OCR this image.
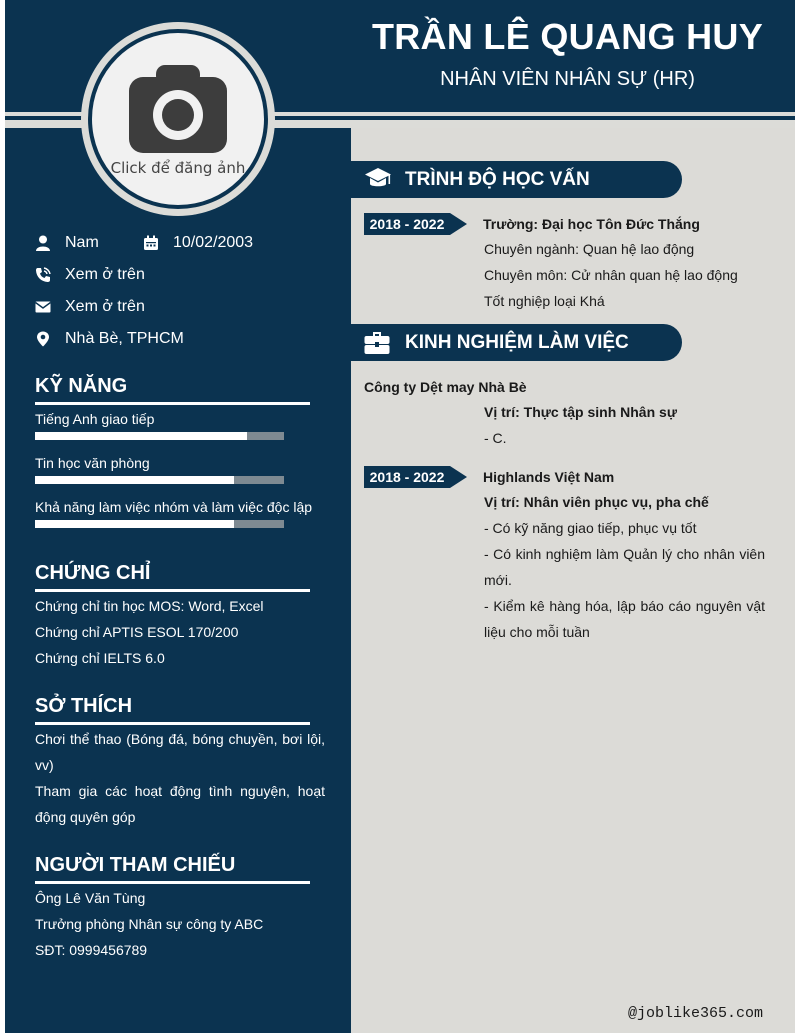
TRẦN LÊ QUANG HUY
NHÂN VIÊN NHÂN SỰ (HR)
Click để đăng ảnh
Nam	10/02/2003
Xem ở trên
Xem ở trên
Nhà Bè, TPHCM
KỸ NĂNG
Tiếng Anh giao tiếp
Tin học văn phòng
Khả năng làm việc nhóm và làm việc độc lập
CHỨNG CHỈ
Chứng chỉ tin học MOS: Word, Excel
Chứng chỉ APTIS ESOL 170/200
Chứng chỉ IELTS 6.0
SỞ THÍCH
Chơi thể thao (Bóng đá, bóng chuyền, bơi lội, vv)
Tham gia các hoạt động tình nguyện, hoạt động quyên góp
NGƯỜI THAM CHIẾU
Ông Lê Văn Tùng
Trưởng phòng Nhân sự công ty ABC
SĐT: 0999456789
TRÌNH ĐỘ HỌC VẤN
2018 - 2022	Trường: Đại học Tôn Đức Thắng
Chuyên ngành: Quan hệ lao động
Chuyên môn: Cử nhân quan hệ lao động
Tốt nghiệp loại Khá
KINH NGHIỆM LÀM VIỆC
Công ty Dệt may Nhà Bè
Vị trí: Thực tập sinh Nhân sự
- C.
2018 - 2022	Highlands Việt Nam
Vị trí: Nhân viên phục vụ, pha chế
- Có kỹ năng giao tiếp, phục vụ tốt
- Có kinh nghiệm làm Quản lý cho nhân viên mới.
- Kiểm kê hàng hóa, lập báo cáo nguyên vật liệu cho mỗi tuần
@joblike365.com
